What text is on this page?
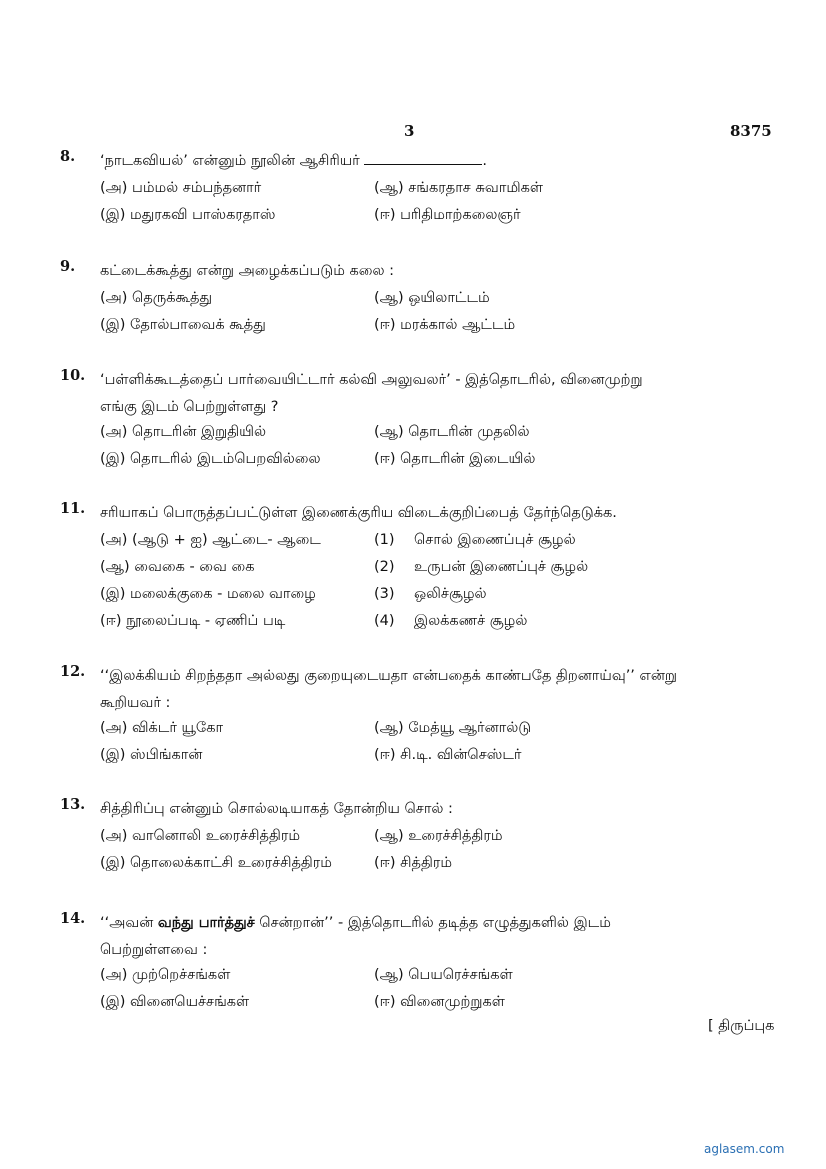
3	8375
8. ‘நாடகவியல்’ என்னும் நூலின் ஆசிரியர்	.
(அ) பம்மல் சம்பந்தனார்	(ஆ) சங்கரதாச சுவாமிகள்
(இ) மதுரகவி பாஸ்கரதாஸ்	(ஈ) பரிதிமாற்கலைஞர்
9. கட்டைக்கூத்து என்று அழைக்கப்படும் கலை :
(அ) தெருக்கூத்து	(ஆ) ஒயிலாட்டம்
(இ) தோல்பாவைக் கூத்து	(ஈ) மரக்கால் ஆட்டம்
10. ‘பள்ளிக்கூடத்தைப் பார்வையிட்டார் கல்வி அலுவலர்’ - இத்தொடரில், வினைமுற்று
எங்கு இடம் பெற்றுள்ளது ?
(அ) தொடரின் இறுதியில்	(ஆ) தொடரின் முதலில்
(இ) தொடரில் இடம்பெறவில்லை	(ஈ) தொடரின் இடையில்
11. சரியாகப் பொருத்தப்பட்டுள்ள இணைக்குரிய விடைக்குறிப்பைத் தேர்ந்தெடுக்க.
(அ) (ஆடு + ஐ) ஆட்டை- ஆடை	(1) சொல் இணைப்புச் சூழல்
(ஆ) வைகை - வை கை	(2) உருபன் இணைப்புச் சூழல்
(இ) மலைக்குகை - மலை வாழை	(3) ஒலிச்சூழல்
(ஈ) நூலைப்படி - ஏணிப் படி	(4) இலக்கணச் சூழல்
12. ‘‘இலக்கியம் சிறந்ததா அல்லது குறையுடையதா என்பதைக் காண்பதே திறனாய்வு’’ என்று
கூறியவர் :
(அ) விக்டர் யூகோ	(ஆ) மேத்யூ ஆர்னால்டு
(இ) ஸ்பிங்கான்	(ஈ) சி.டி. வின்செஸ்டர்
13. சித்திரிப்பு என்னும் சொல்லடியாகத் தோன்றிய சொல் :
(அ) வானொலி உரைச்சித்திரம்	(ஆ) உரைச்சித்திரம்
(இ) தொலைக்காட்சி உரைச்சித்திரம்	(ஈ) சித்திரம்
14. ‘‘அவன் வந்து பார்த்துச் சென்றான்’’ - இத்தொடரில் தடித்த எழுத்துகளில் இடம்
பெற்றுள்ளவை :
(அ) முற்றெச்சங்கள்	(ஆ) பெயரெச்சங்கள்
(இ) வினையெச்சங்கள்	(ஈ) வினைமுற்றுகள்
[ திருப்புக
aglasem.com
